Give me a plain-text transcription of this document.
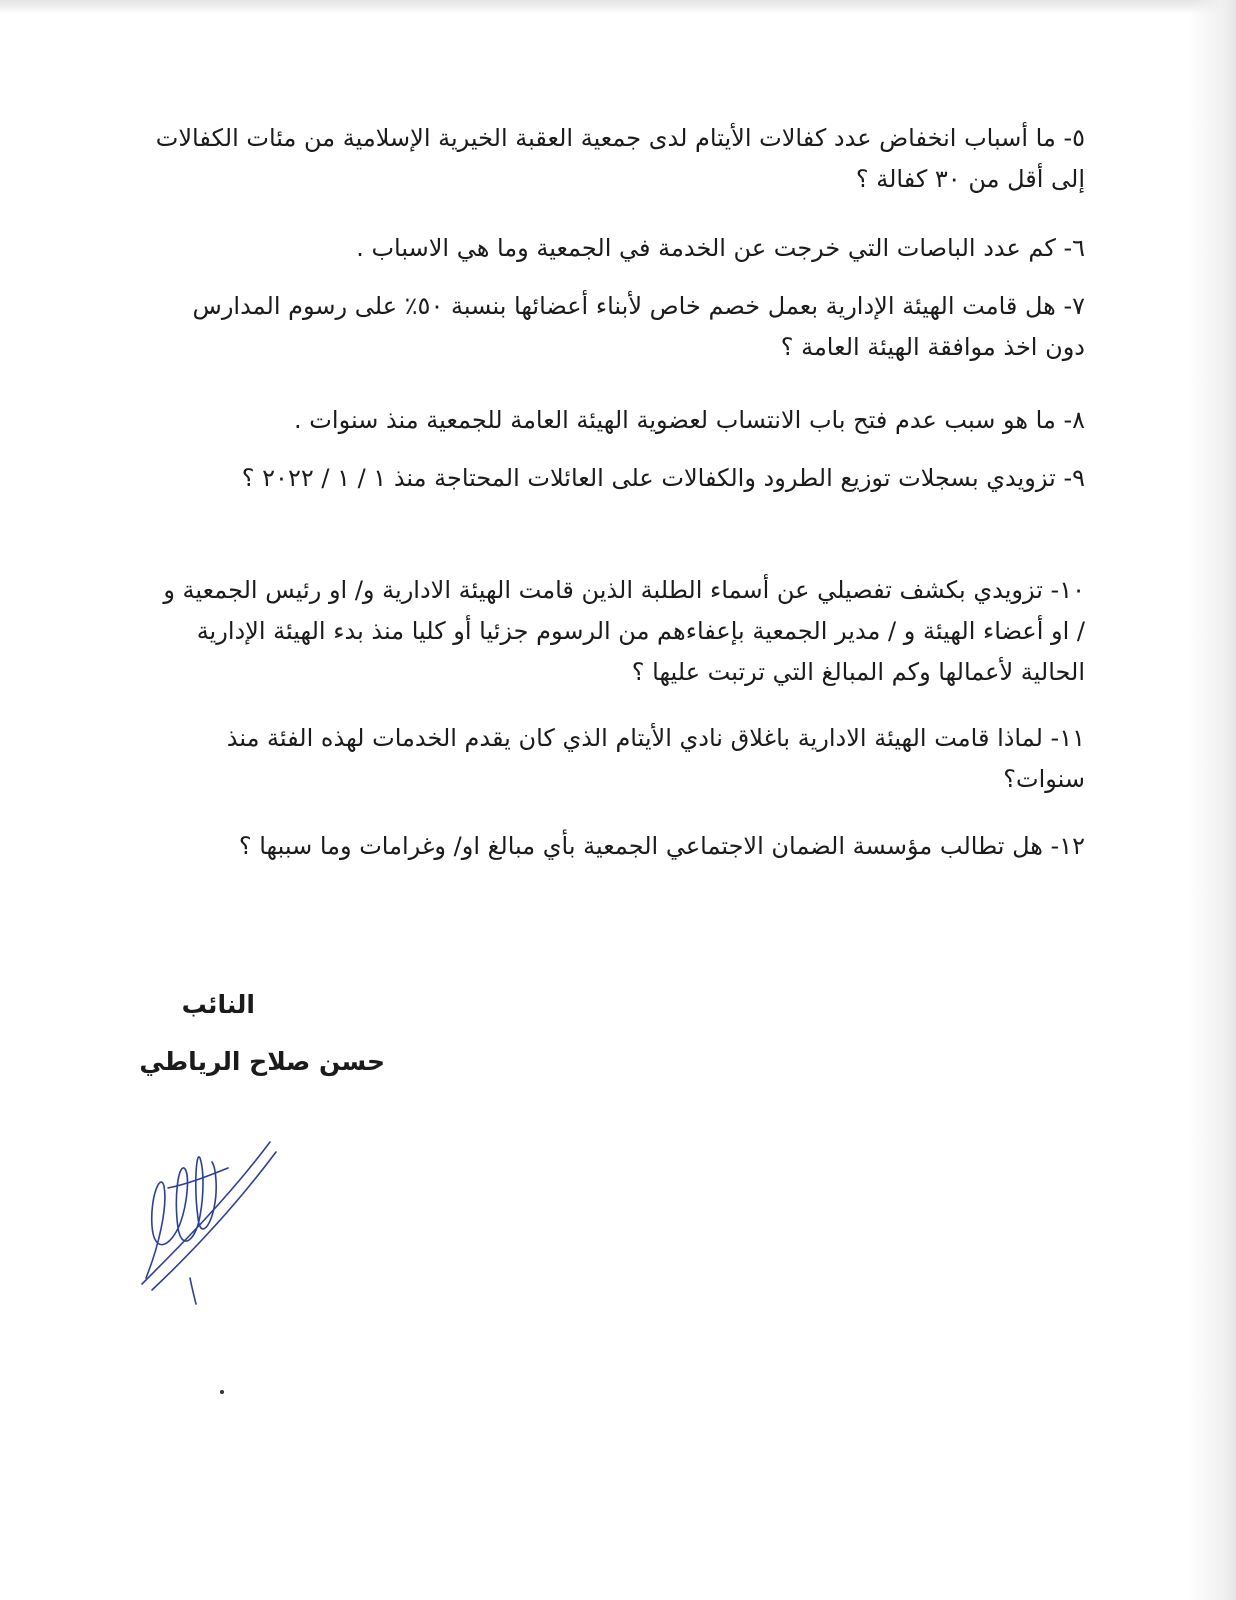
٥- ما أسباب انخفاض عدد كفالات الأيتام لدى جمعية العقبة الخيرية الإسلامية من مئات الكفالات إلى أقل من ٣٠ كفالة ؟

٦- كم عدد الباصات التي خرجت عن الخدمة في الجمعية وما هي الاسباب .

٧- هل قامت الهيئة الإدارية بعمل خصم خاص لأبناء أعضائها بنسبة ٥٠٪ على رسوم المدارس دون اخذ موافقة الهيئة العامة ؟

٨- ما هو سبب عدم فتح باب الانتساب لعضوية الهيئة العامة للجمعية منذ سنوات .

٩- تزويدي بسجلات توزيع الطرود والكفالات على العائلات المحتاجة منذ ١ / ١ / ٢٠٢٢ ؟

١٠- تزويدي بكشف تفصيلي عن أسماء الطلبة الذين قامت الهيئة الادارية و/ او رئيس الجمعية و / او أعضاء الهيئة و / مدير الجمعية بإعفاءهم من الرسوم جزئيا أو كليا منذ بدء الهيئة الإدارية الحالية لأعمالها وكم المبالغ التي ترتبت عليها ؟

١١- لماذا قامت الهيئة الادارية باغلاق نادي الأيتام الذي كان يقدم الخدمات لهذه الفئة منذ سنوات؟

١٢- هل تطالب مؤسسة الضمان الاجتماعي الجمعية بأي مبالغ او/ وغرامات وما سببها ؟

النائب

حسن صلاح الرياطي
